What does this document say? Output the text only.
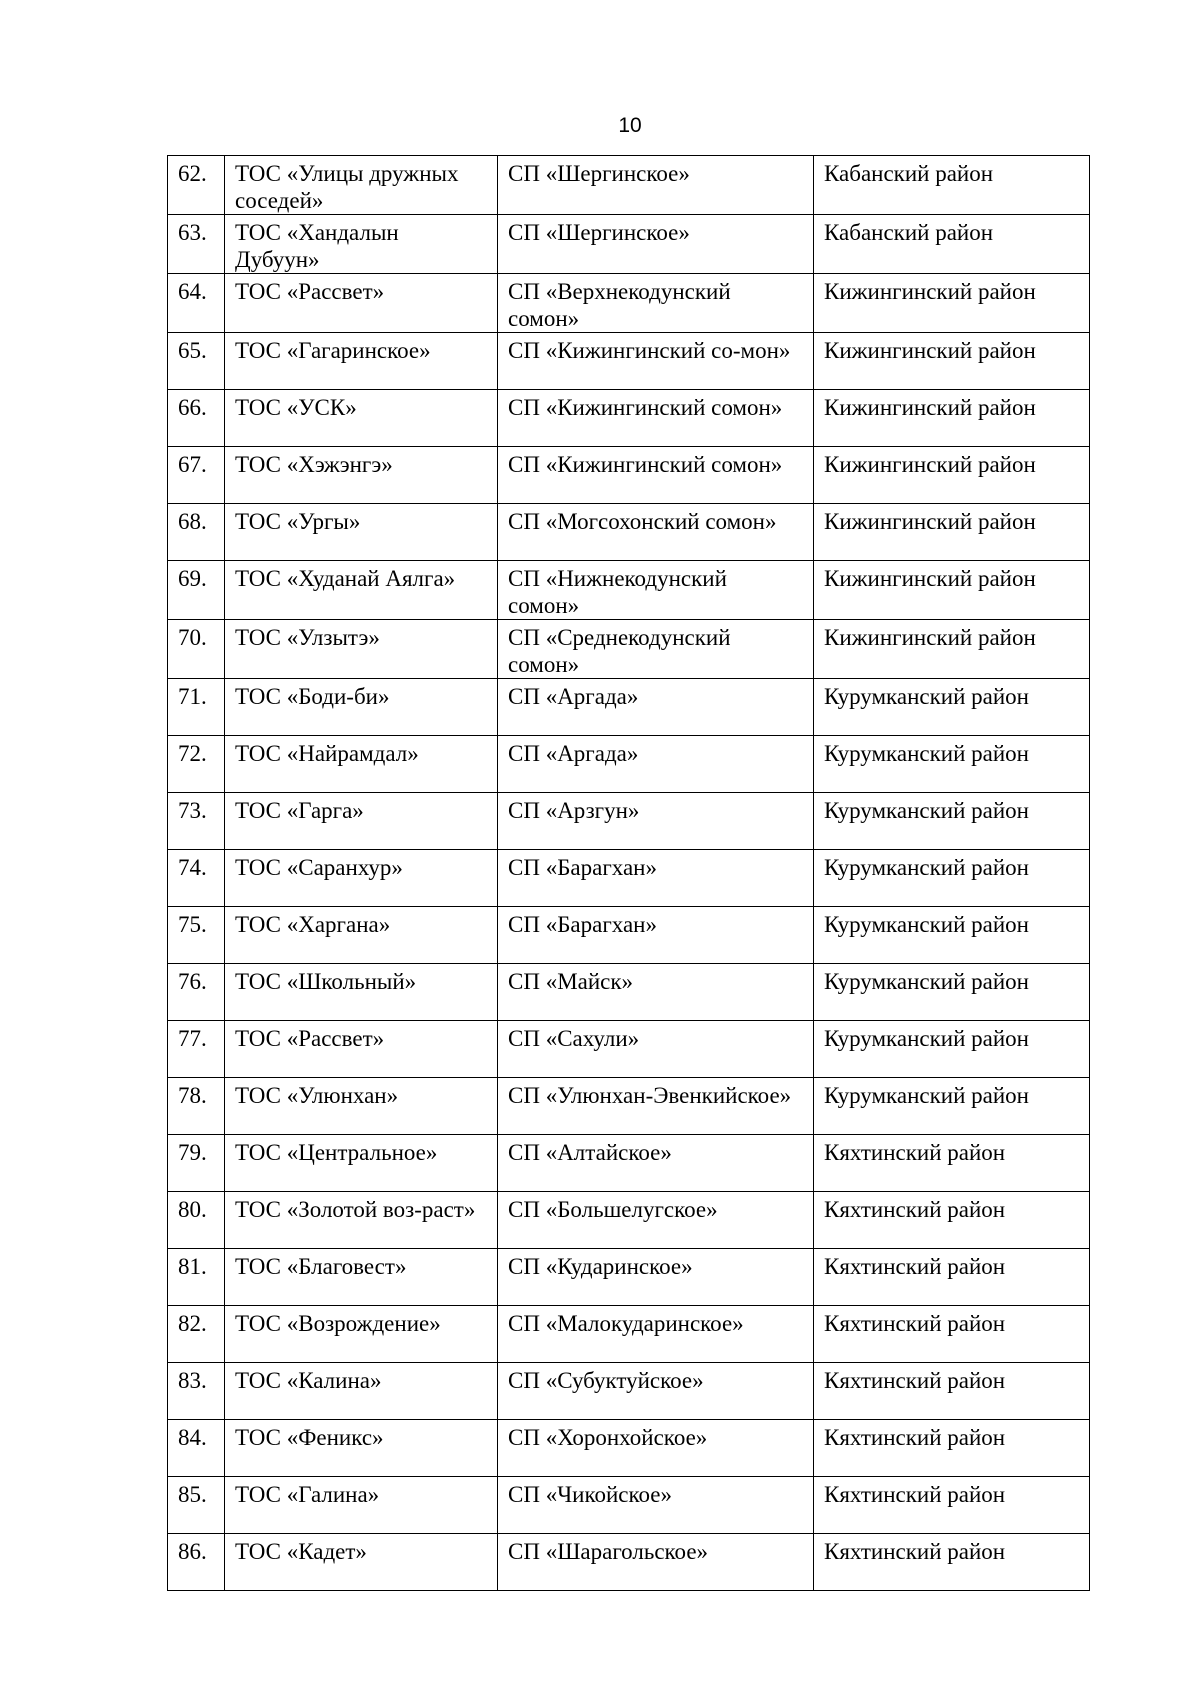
10
62.	ТОС «Улицы дружных соседей»	СП «Шергинское»	Кабанский район
63.	ТОС «Хандалын Дубуун»	СП «Шергинское»	Кабанский район
64.	ТОС «Рассвет»	СП «Верхнекодунский сомон»	Кижингинский район
65.	ТОС «Гагаринское»	СП «Кижингинский со-мон»	Кижингинский район
66.	ТОС «УСК»	СП «Кижингинский сомон»	Кижингинский район
67.	ТОС «Хэжэнгэ»	СП «Кижингинский сомон»	Кижингинский район
68.	ТОС «Ургы»	СП «Могсохонский сомон»	Кижингинский район
69.	ТОС «Худанай Аялга»	СП «Нижнекодунский сомон»	Кижингинский район
70.	ТОС «Улзытэ»	СП «Среднекодунский сомон»	Кижингинский район
71.	ТОС «Боди-би»	СП «Аргада»	Курумканский район
72.	ТОС «Найрамдал»	СП «Аргада»	Курумканский район
73.	ТОС «Гарга»	СП «Арзгун»	Курумканский район
74.	ТОС «Саранхур»	СП «Барагхан»	Курумканский район
75.	ТОС «Харгана»	СП «Барагхан»	Курумканский район
76.	ТОС «Школьный»	СП «Майск»	Курумканский район
77.	ТОС «Рассвет»	СП «Сахули»	Курумканский район
78.	ТОС «Улюнхан»	СП «Улюнхан-Эвенкийское»	Курумканский район
79.	ТОС «Центральное»	СП «Алтайское»	Кяхтинский район
80.	ТОС «Золотой воз-раст»	СП «Большелугское»	Кяхтинский район
81.	ТОС «Благовест»	СП «Кударинское»	Кяхтинский район
82.	ТОС «Возрождение»	СП «Малокударинское»	Кяхтинский район
83.	ТОС «Калина»	СП «Субуктуйское»	Кяхтинский район
84.	ТОС «Феникс»	СП «Хоронхойское»	Кяхтинский район
85.	ТОС «Галина»	СП «Чикойское»	Кяхтинский район
86.	ТОС «Кадет»	СП «Шарагольское»	Кяхтинский район
